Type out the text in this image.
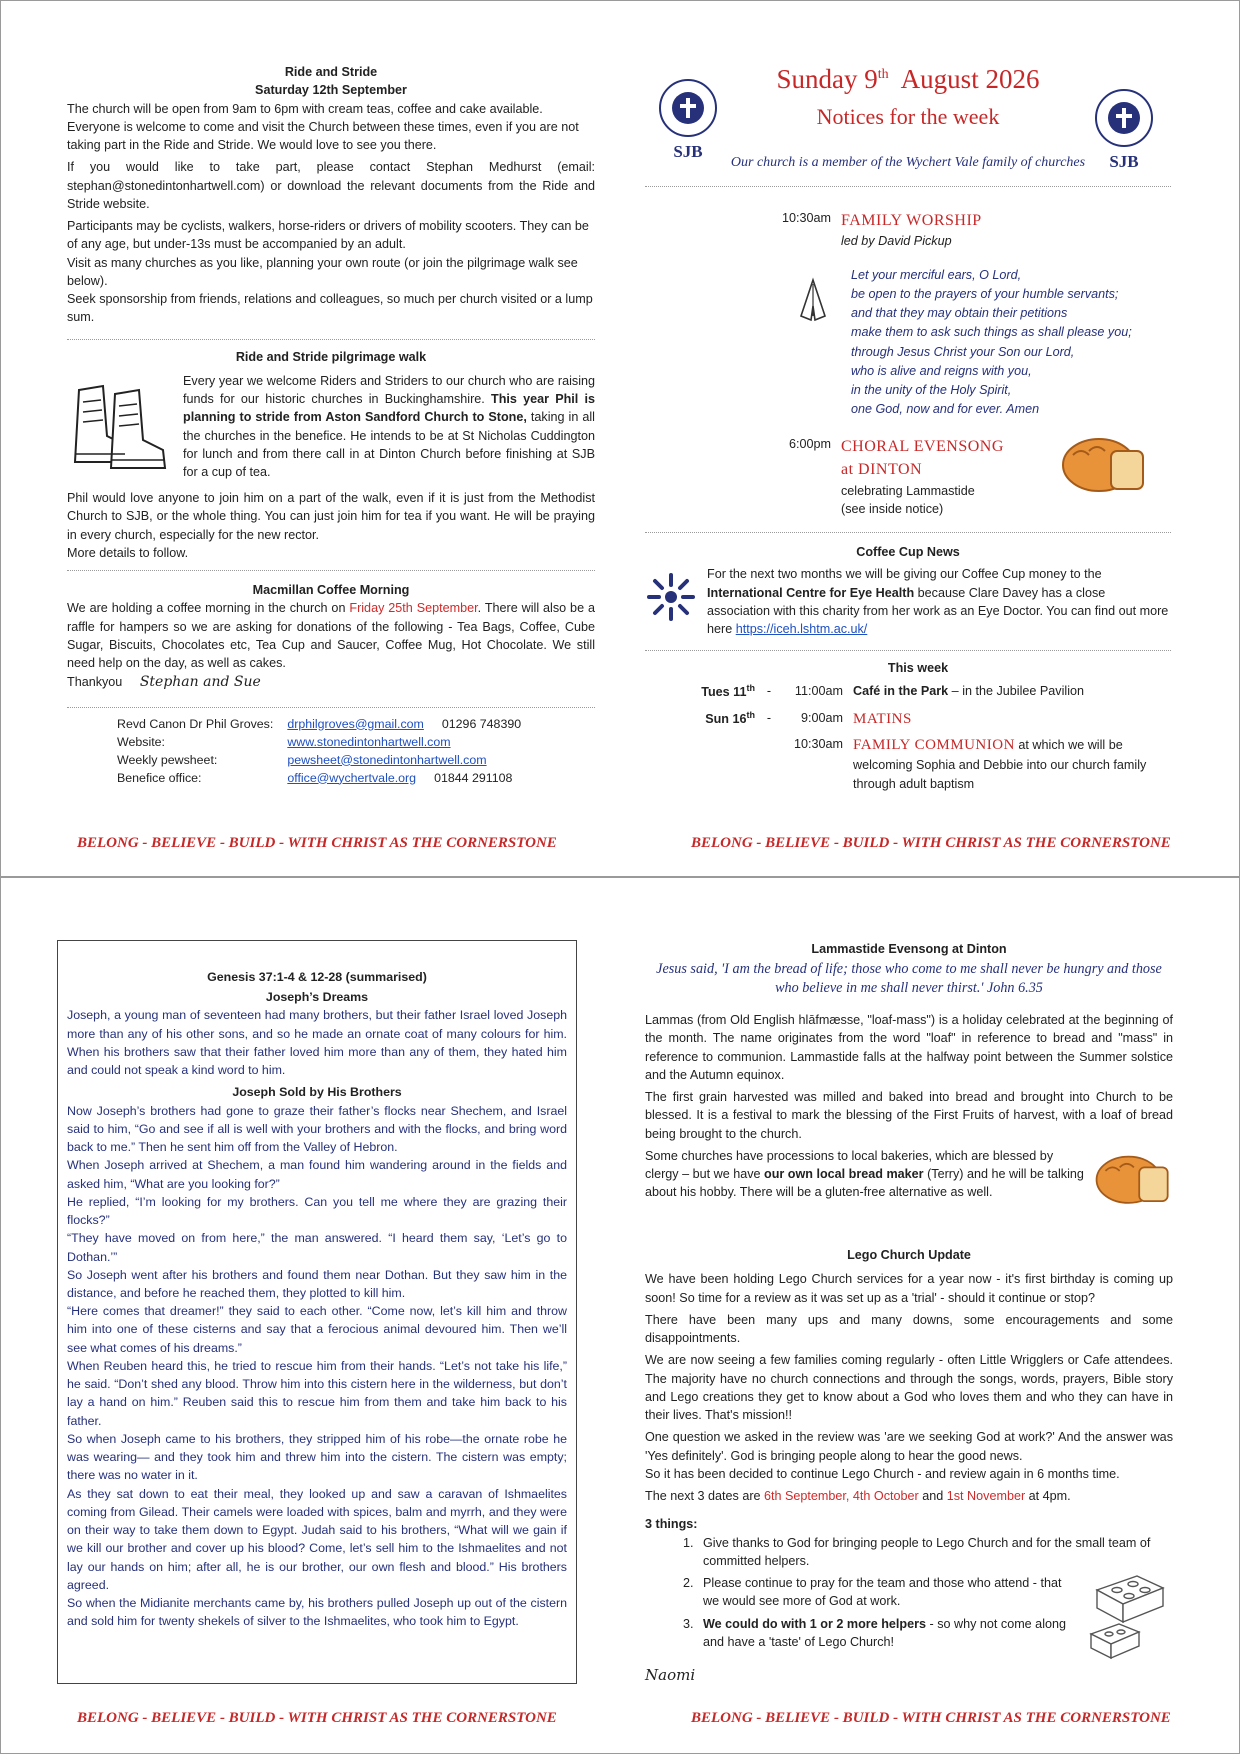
Ride and Stride
Saturday 12th September

The church will be open from 9am to 6pm with cream teas, coffee and cake available. Everyone is welcome to come and visit the Church between these times, even if you are not taking part in the Ride and Stride. We would love to see you there.

If you would like to take part, please contact Stephan Medhurst (email: stephan@stonedintonhartwell.com) or download the relevant documents from the Ride and Stride website.

Participants may be cyclists, walkers, horse-riders or drivers of mobility scooters. They can be of any age, but under-13s must be accompanied by an adult.
Visit as many churches as you like, planning your own route (or join the pilgrimage walk see below).
Seek sponsorship from friends, relations and colleagues, so much per church visited or a lump sum.
Ride and Stride pilgrimage walk
Every year we welcome Riders and Striders to our church who are raising funds for our historic churches in Buckinghamshire. This year Phil is planning to stride from Aston Sandford Church to Stone, taking in all the churches in the benefice. He intends to be at St Nicholas Cuddington for lunch and from there call in at Dinton Church before finishing at SJB for a cup of tea.
Phil would love anyone to join him on a part of the walk, even if it is just from the Methodist Church to SJB, or the whole thing. You can just join him for tea if you want. He will be praying in every church, especially for the new rector.
More details to follow.
Macmillan Coffee Morning
We are holding a coffee morning in the church on Friday 25th September. There will also be a raffle for hampers so we are asking for donations of the following - Tea Bags, Coffee, Cube Sugar, Biscuits, Chocolates etc, Tea Cup and Saucer, Coffee Mug, Hot Chocolate. We still need help on the day, as well as cakes.
Thankyou Stephan and Sue
Revd Canon Dr Phil Groves:	drphilgroves@gmail.com 01296 748390
Website:	www.stonedintonhartwell.com
Weekly pewsheet:	pewsheet@stonedintonhartwell.com
Benefice office:	office@wychertvale.org 01844 291108
BELONG - BELIEVE - BUILD - WITH CHRIST AS THE CORNERSTONE
SJB
SJB
Sunday 9th  August 2026
Notices for the week
Our church is a member of the Wychert Vale family of churches
10:30am FAMILY WORSHIP
led by David Pickup
Let your merciful ears, O Lord,
be open to the prayers of your humble servants;
and that they may obtain their petitions
make them to ask such things as shall please you;
through Jesus Christ your Son our Lord,
who is alive and reigns with you,
in the unity of the Holy Spirit,
one God, now and for ever. Amen
6:00pm CHORAL EVENSONG
at DINTON
celebrating Lammastide
(see inside notice)
Coffee Cup News
For the next two months we will be giving our Coffee Cup money to the International Centre for Eye Health because Clare Davey has a close association with this charity from her work as an Eye Doctor. You can find out more here https://iceh.lshtm.ac.uk/
This week
Tues 11th -	11:00am Café in the Park – in the Jubilee Pavilion
Sun 16th -	9:00am MATINS
10:30am FAMILY COMMUNION at which we will be welcoming Sophia and Debbie into our church family through adult baptism
BELONG - BELIEVE - BUILD - WITH CHRIST AS THE CORNERSTONE
Genesis 37:1-4 & 12-28 (summarised)
Joseph’s Dreams
Joseph, a young man of seventeen had many brothers, but their father Israel loved Joseph more than any of his other sons, and so he made an ornate coat of many colours for him. When his brothers saw that their father loved him more than any of them, they hated him and could not speak a kind word to him.
Joseph Sold by His Brothers
Now Joseph’s brothers had gone to graze their father’s flocks near Shechem, and Israel said to him, “Go and see if all is well with your brothers and with the flocks, and bring word back to me.” Then he sent him off from the Valley of Hebron.
When Joseph arrived at Shechem, a man found him wandering around in the fields and asked him, “What are you looking for?”
He replied, “I’m looking for my brothers. Can you tell me where they are grazing their flocks?”
“They have moved on from here,” the man answered. “I heard them say, ‘Let’s go to Dothan.’”
So Joseph went after his brothers and found them near Dothan. But they saw him in the distance, and before he reached them, they plotted to kill him.
“Here comes that dreamer!” they said to each other. “Come now, let’s kill him and throw him into one of these cisterns and say that a ferocious animal devoured him. Then we’ll see what comes of his dreams.”
When Reuben heard this, he tried to rescue him from their hands. “Let’s not take his life,” he said. “Don’t shed any blood. Throw him into this cistern here in the wilderness, but don’t lay a hand on him.” Reuben said this to rescue him from them and take him back to his father.
So when Joseph came to his brothers, they stripped him of his robe—the ornate robe he was wearing— and they took him and threw him into the cistern. The cistern was empty; there was no water in it.
As they sat down to eat their meal, they looked up and saw a caravan of Ishmaelites coming from Gilead. Their camels were loaded with spices, balm and myrrh, and they were on their way to take them down to Egypt. Judah said to his brothers, “What will we gain if we kill our brother and cover up his blood? Come, let’s sell him to the Ishmaelites and not lay our hands on him; after all, he is our brother, our own flesh and blood.” His brothers agreed.
So when the Midianite merchants came by, his brothers pulled Joseph up out of the cistern and sold him for twenty shekels of silver to the Ishmaelites, who took him to Egypt.
BELONG - BELIEVE - BUILD - WITH CHRIST AS THE CORNERSTONE
Lammastide Evensong at Dinton
Jesus said, 'I am the bread of life; those who come to me shall never be hungry and those who believe in me shall never thirst.' John 6.35
Lammas (from Old English hlāfmæsse, "loaf-mass") is a holiday celebrated at the beginning of the month. The name originates from the word "loaf" in reference to bread and "mass" in reference to communion. Lammastide falls at the halfway point between the Summer solstice and the Autumn equinox.
The first grain harvested was milled and baked into bread and brought into Church to be blessed. It is a festival to mark the blessing of the First Fruits of harvest, with a loaf of bread being brought to the church.
Some churches have processions to local bakeries, which are blessed by clergy – but we have our own local bread maker (Terry) and he will be talking about his hobby. There will be a gluten-free alternative as well.
Lego Church Update
We have been holding Lego Church services for a year now - it's first birthday is coming up soon! So time for a review as it was set up as a 'trial' - should it continue or stop?
There have been many ups and many downs, some encouragements and some disappointments.
We are now seeing a few families coming regularly - often Little Wrigglers or Cafe attendees. The majority have no church connections and through the songs, words, prayers, Bible story and Lego creations they get to know about a God who loves them and who they can have in their lives. That's mission!!
One question we asked in the review was 'are we seeking God at work?' And the answer was 'Yes definitely'. God is bringing people along to hear the good news.
So it has been decided to continue Lego Church - and review again in 6 months time.
The next 3 dates are 6th September, 4th October and 1st November at 4pm.
3 things:
1. Give thanks to God for bringing people to Lego Church and for the small team of committed helpers.
2. Please continue to pray for the team and those who attend - that we would see more of God at work.
3. We could do with 1 or 2 more helpers - so why not come along and have a 'taste' of Lego Church!
Naomi
BELONG - BELIEVE - BUILD - WITH CHRIST AS THE CORNERSTONE
